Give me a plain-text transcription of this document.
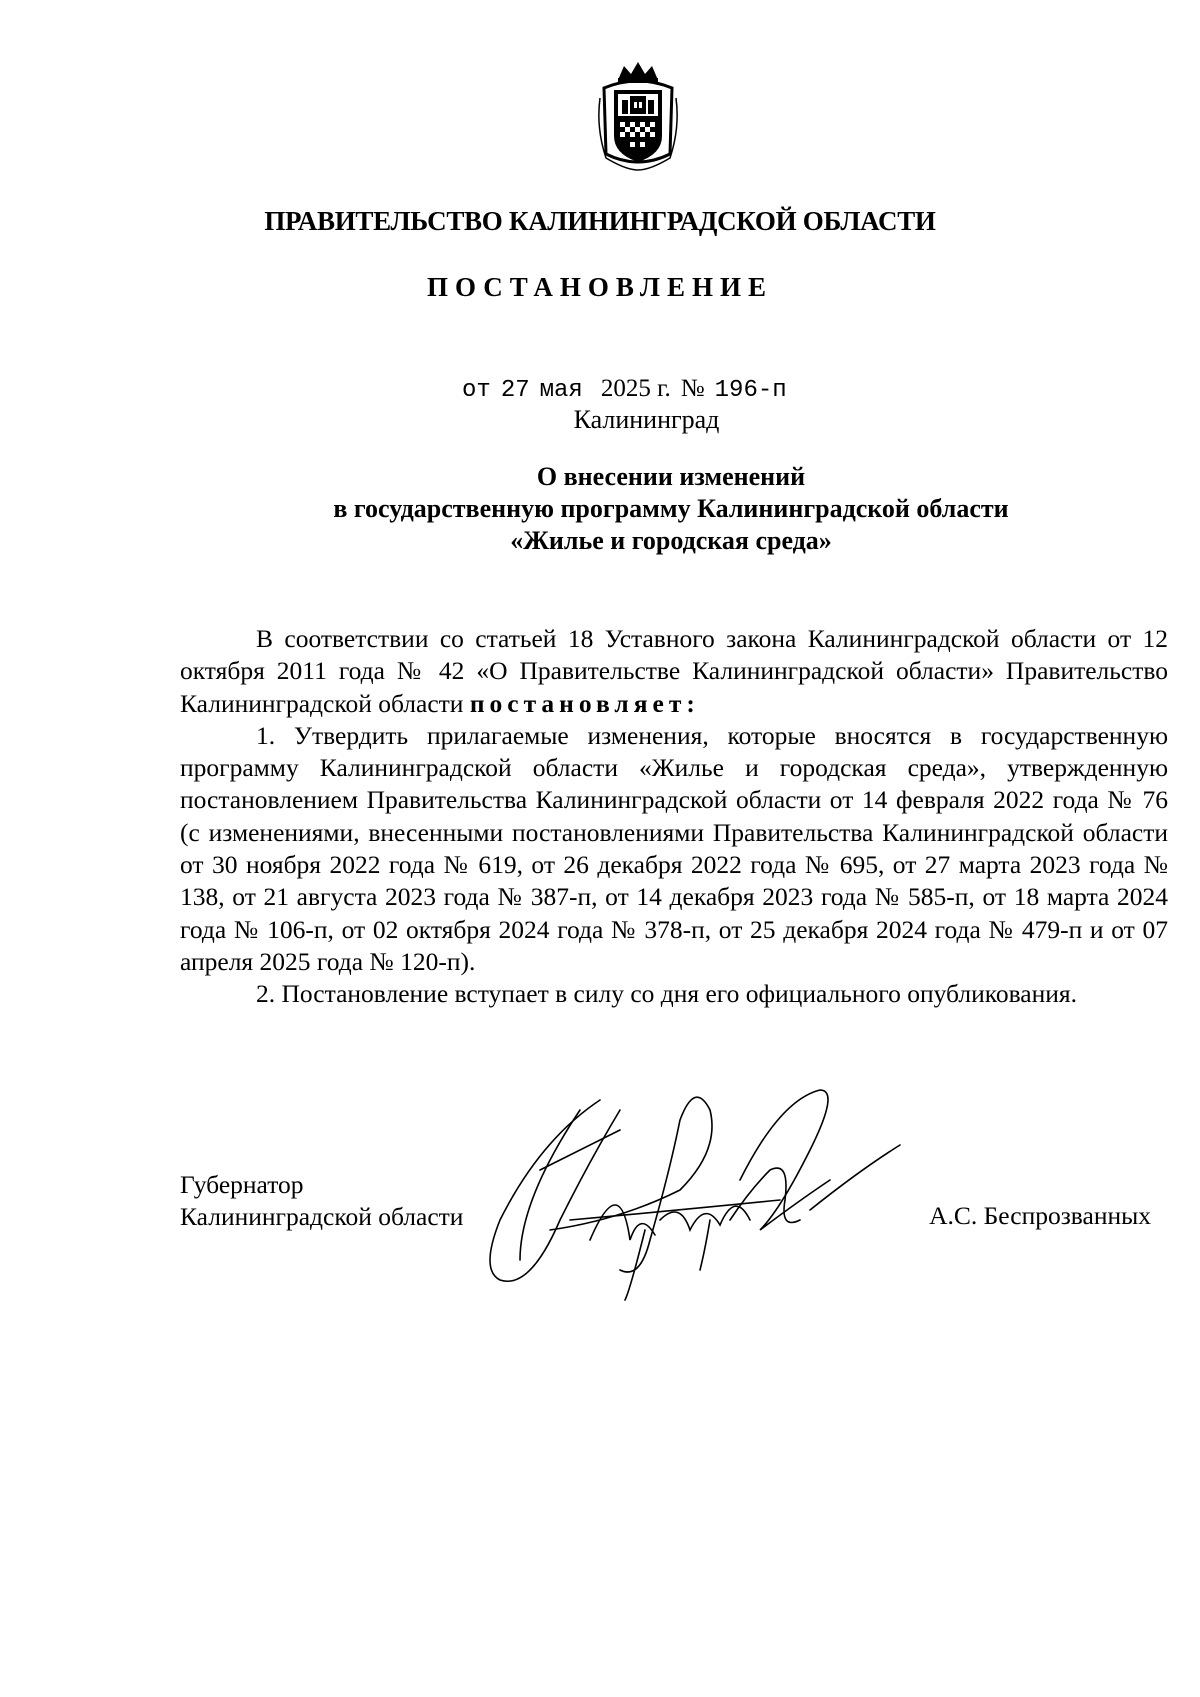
ПРАВИТЕЛЬСТВО КАЛИНИНГРАДСКОЙ ОБЛАСТИ
ПОСТАНОВЛЕНИЕ
от 27 мая 2025 г. № 196-п
Калининград
О внесении изменений
в государственную программу Калининградской области
«Жилье и городская среда»

В соответствии со статьей 18 Уставного закона Калининградской области от 12 октября 2011 года № 42 «О Правительстве Калининградской области» Правительство Калининградской области постановляет:

1. Утвердить прилагаемые изменения, которые вносятся в государственную программу Калининградской области «Жилье и городская среда», утвержденную постановлением Правительства Калининградской области от 14 февраля 2022 года № 76 (с изменениями, внесенными постановлениями Правительства Калининградской области от 30 ноября 2022 года № 619, от 26 декабря 2022 года № 695, от 27 марта 2023 года № 138, от 21 августа 2023 года № 387-п, от 14 декабря 2023 года № 585-п, от 18 марта 2024 года № 106-п, от 02 октября 2024 года № 378-п, от 25 декабря 2024 года № 479-п и от 07 апреля 2025 года № 120-п).

2. Постановление вступает в силу со дня его официального опубликования.

Губернатор
Калининградской области	А.С. Беспрозванных
